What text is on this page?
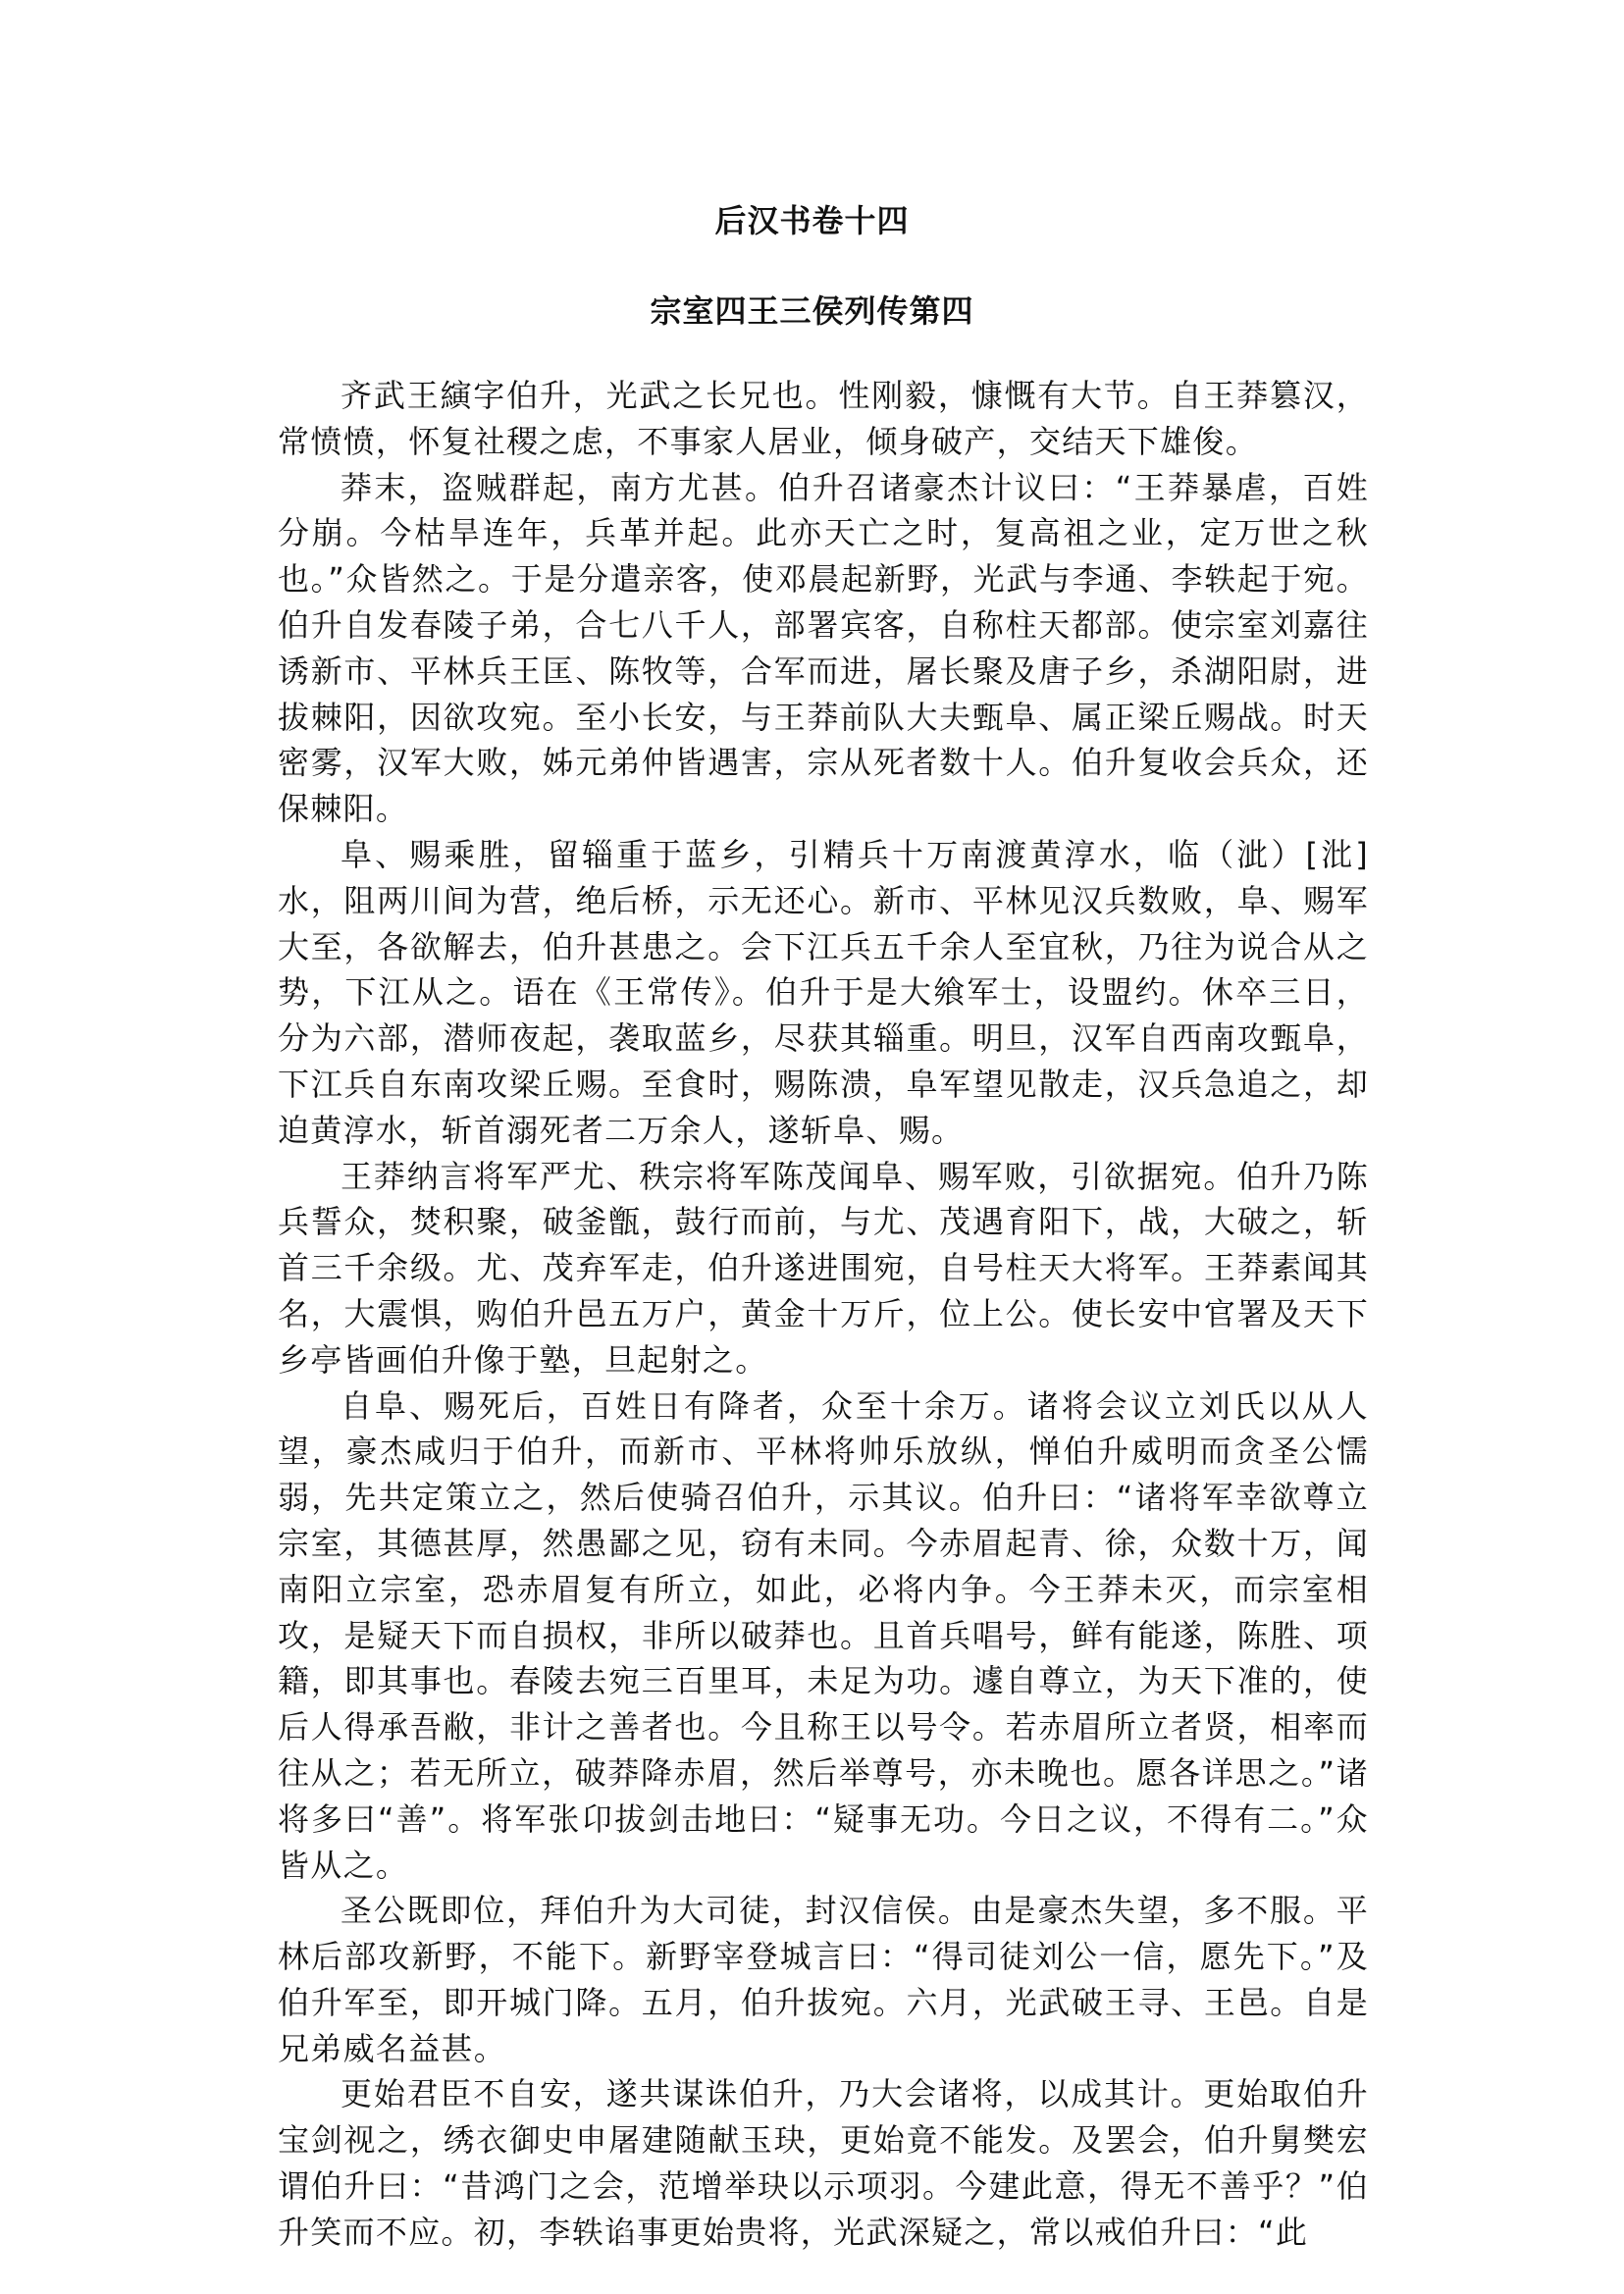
后汉书卷十四
宗室四王三侯列传第四

齐武王縯字伯升，光武之长兄也。性刚毅，慷慨有大节。自王莽篡汉，常愤愤，怀复社稷之虑，不事家人居业，倾身破产，交结天下雄俊。

莽末，盗贼群起，南方尤甚。伯升召诸豪杰计议曰：“王莽暴虐，百姓分崩。今枯旱连年，兵革并起。此亦天亡之时，复高祖之业，定万世之秋也。”众皆然之。于是分遣亲客，使邓晨起新野，光武与李通、李轶起于宛。伯升自发春陵子弟，合七八千人，部署宾客，自称柱天都部。使宗室刘嘉往诱新市、平林兵王匡、陈牧等，合军而进，屠长聚及唐子乡，杀湖阳尉，进拔棘阳，因欲攻宛。至小长安，与王莽前队大夫甄阜、属正梁丘赐战。时天密雾，汉军大败，姊元弟仲皆遇害，宗从死者数十人。伯升复收会兵众，还保棘阳。

阜、赐乘胜，留辎重于蓝乡，引精兵十万南渡黄淳水，临（泚）[沘]水，阻两川间为营，绝后桥，示无还心。新市、平林见汉兵数败，阜、赐军大至，各欲解去，伯升甚患之。会下江兵五千余人至宜秋，乃往为说合从之势，下江从之。语在《王常传》。伯升于是大飨军士，设盟约。休卒三日，分为六部，潜师夜起，袭取蓝乡，尽获其辎重。明旦，汉军自西南攻甄阜，下江兵自东南攻梁丘赐。至食时，赐陈溃，阜军望见散走，汉兵急追之，却迫黄淳水，斩首溺死者二万余人，遂斩阜、赐。

王莽纳言将军严尤、秩宗将军陈茂闻阜、赐军败，引欲据宛。伯升乃陈兵誓众，焚积聚，破釜甑，鼓行而前，与尤、茂遇育阳下，战，大破之，斩首三千余级。尤、茂弃军走，伯升遂进围宛，自号柱天大将军。王莽素闻其名，大震惧，购伯升邑五万户，黄金十万斤，位上公。使长安中官署及天下乡亭皆画伯升像于塾，旦起射之。

自阜、赐死后，百姓日有降者，众至十余万。诸将会议立刘氏以从人望，豪杰咸归于伯升，而新市、平林将帅乐放纵，惮伯升威明而贪圣公懦弱，先共定策立之，然后使骑召伯升，示其议。伯升曰：“诸将军幸欲尊立宗室，其德甚厚，然愚鄙之见，窃有未同。今赤眉起青、徐，众数十万，闻南阳立宗室，恐赤眉复有所立，如此，必将内争。今王莽未灭，而宗室相攻，是疑天下而自损权，非所以破莽也。且首兵唱号，鲜有能遂，陈胜、项籍，即其事也。春陵去宛三百里耳，未足为功。遽自尊立，为天下准的，使后人得承吾敝，非计之善者也。今且称王以号令。若赤眉所立者贤，相率而往从之；若无所立，破莽降赤眉，然后举尊号，亦未晚也。愿各详思之。”诸将多曰“善”。将军张卬拔剑击地曰：“疑事无功。今日之议，不得有二。”众皆从之。

圣公既即位，拜伯升为大司徒，封汉信侯。由是豪杰失望，多不服。平林后部攻新野，不能下。新野宰登城言曰：“得司徒刘公一信，愿先下。”及伯升军至，即开城门降。五月，伯升拔宛。六月，光武破王寻、王邑。自是兄弟威名益甚。

更始君臣不自安，遂共谋诛伯升，乃大会诸将，以成其计。更始取伯升宝剑视之，绣衣御史申屠建随献玉玦，更始竟不能发。及罢会，伯升舅樊宏谓伯升曰：“昔鸿门之会，范增举玦以示项羽。今建此意，得无不善乎？”伯升笑而不应。初，李轶谄事更始贵将，光武深疑之，常以戒伯升曰：“此
